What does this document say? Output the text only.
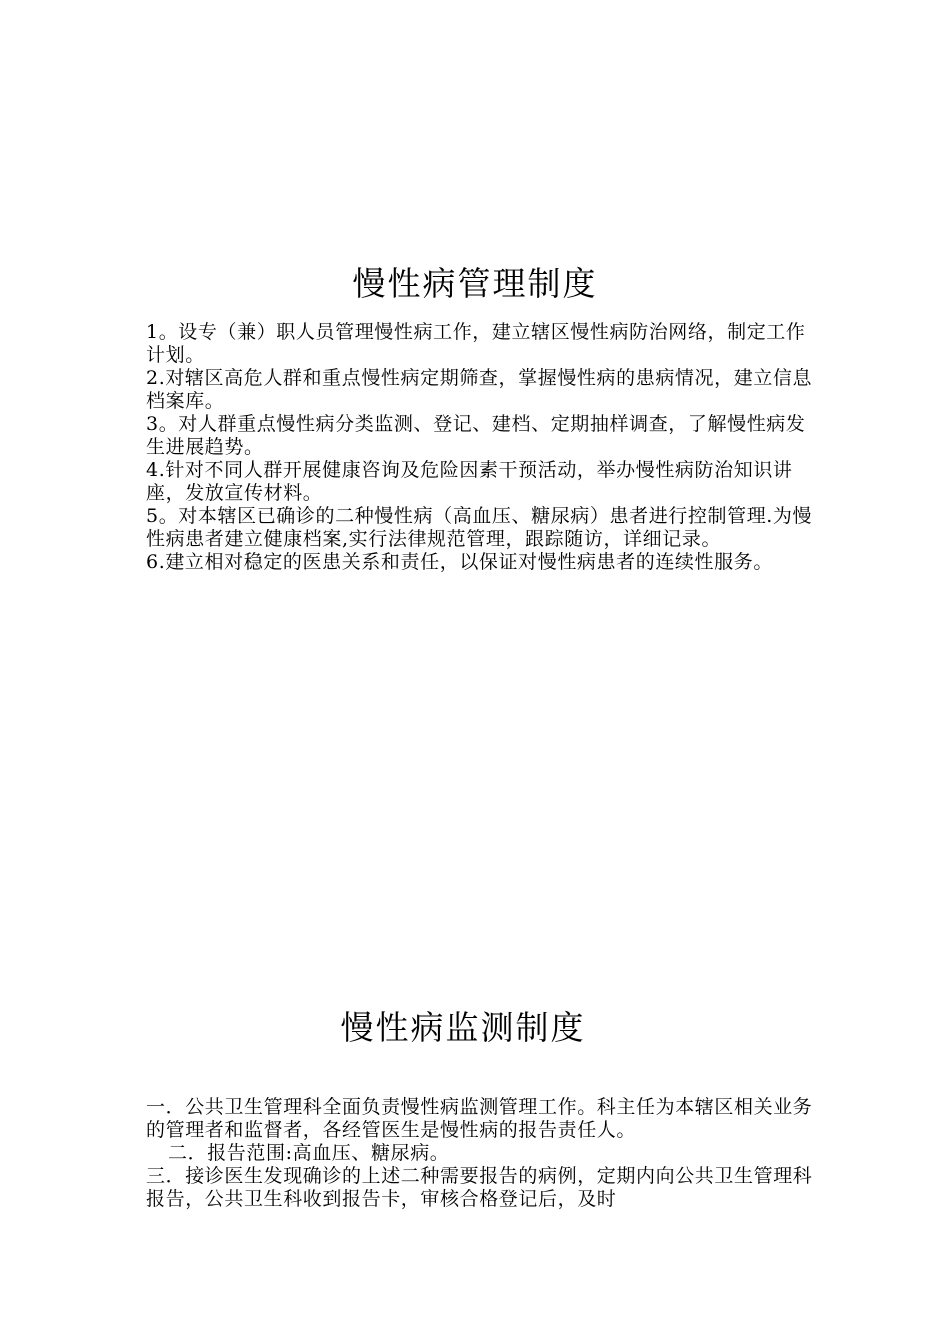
慢性病管理制度

1。设专（兼）职人员管理慢性病工作，建立辖区慢性病防治网络，制定工作计划。

2.对辖区高危人群和重点慢性病定期筛查，掌握慢性病的患病情况，建立信息档案库。

3。对人群重点慢性病分类监测、登记、建档、定期抽样调查，了解慢性病发生进展趋势。

4.针对不同人群开展健康咨询及危险因素干预活动，举办慢性病防治知识讲座，发放宣传材料。

5。对本辖区已确诊的二种慢性病（高血压、糖尿病）患者进行控制管理.为慢性病患者建立健康档案,实行法律规范管理，跟踪随访，详细记录。

6.建立相对稳定的医患关系和责任，以保证对慢性病患者的连续性服务。

慢性病监测制度

一．公共卫生管理科全面负责慢性病监测管理工作。科主任为本辖区相关业务的管理者和监督者，各经管医生是慢性病的报告责任人。

二．报告范围:高血压、糖尿病。

三．接诊医生发现确诊的上述二种需要报告的病例，定期内向公共卫生管理科报告，公共卫生科收到报告卡，审核合格登记后，及时
